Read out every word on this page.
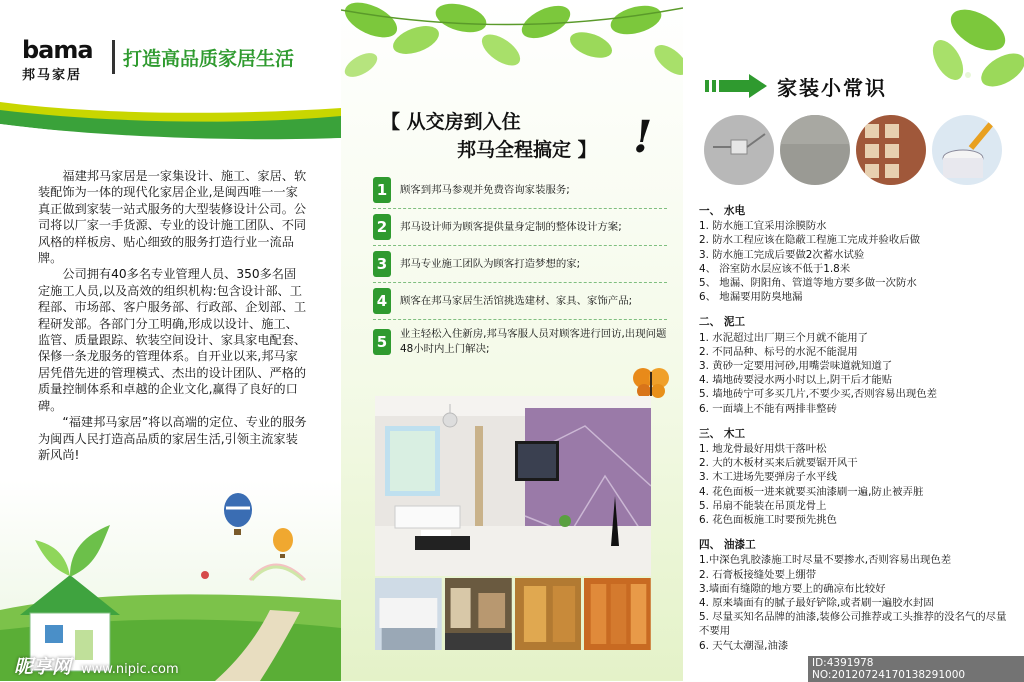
bama
邦马家居
打造高品质家居生活

福建邦马家居是一家集设计、施工、家居、软装配饰为一体的现代化家居企业,是闽西唯一一家真正做到家装一站式服务的大型装修设计公司。公司将以厂家一手货源、专业的设计施工团队、不同风格的样板房、贴心细致的服务打造行业一流品牌。

公司拥有40多名专业管理人员、350多名固定施工人员,以及高效的组织机构:包含设计部、工程部、市场部、客户服务部、行政部、企划部、工程研发部。各部门分工明确,形成以设计、施工、监管、质量跟踪、软装空间设计、家具家电配套、保修一条龙服务的管理体系。自开业以来,邦马家居凭借先进的管理模式、杰出的设计团队、严格的质量控制体系和卓越的企业文化,赢得了良好的口碑。

“福建邦马家居”将以高端的定位、专业的服务为闽西人民打造高品质的家居生活,引领主流家装新风尚!

【 从交房到入住
邦马全程搞定 】 !
1	顾客到邦马参观并免费咨询家装服务;
2	邦马设计师为顾客提供量身定制的整体设计方案;
3	邦马专业施工团队为顾客打造梦想的家;
4	顾客在邦马家居生活馆挑选建材、家具、家饰产品;
5	业主轻松入住新房,邦马客服人员对顾客进行回访,出现问题48小时内上门解决;
家装小常识
一、 水电
1. 防水施工宜采用涂膜防水
2. 防水工程应该在隐蔽工程施工完成并验收后做
3. 防水施工完成后要做2次蓄水试验
4、 浴室防水层应该不低于1.8米
5、 地漏、阴阳角、管道等地方要多做一次防水
6、 地漏要用防臭地漏
二、 泥工
1. 水泥超过出厂期三个月就不能用了
2. 不同品种、标号的水泥不能混用
3. 黄砂一定要用河砂,用嘴尝味道就知道了
4. 墙地砖要浸水两小时以上,阴干后才能贴
5. 墙地砖宁可多买几片,不要少买,否则容易出现色差
6. 一面墙上不能有两排非整砖
三、 木工
1. 地龙骨最好用烘干落叶松
2. 大的木板材买来后就要锯开风干
3. 木工进场先要弹房子水平线
4. 花色面板一进来就要买油漆刷一遍,防止被弄脏
5. 吊扇不能装在吊顶龙骨上
6. 花色面板施工时要预先挑色
四、 油漆工
1.中深色乳胶漆施工时尽量不要掺水,否则容易出现色差
2. 石膏板接缝处要上绷带
3.墙面有缝隙的地方要上的确凉布比较好
4. 原来墙面有的腻子最好铲除,或者刷一遍胶水封固
5. 尽量买知名品牌的油漆,装修公司推荐或工头推荐的没名气的尽量不要用
6. 天气太潮湿,油漆
昵享网 www.nipic.com	ID:4391978 NO:20120724170138291000
